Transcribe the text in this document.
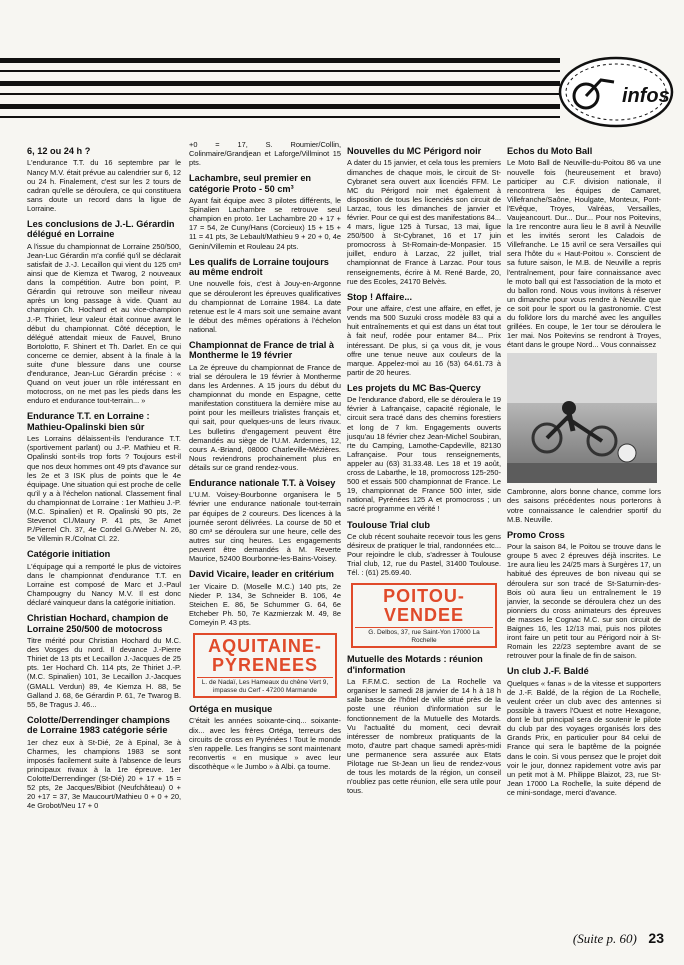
infos
6, 12 ou 24 h ?

L'endurance T.T. du 16 septembre par le Nancy M.V. était prévue au calendrier sur 6, 12 ou 24 h. Finalement, c'est sur les 2 tours de cadran qu'elle se déroulera, ce qui constituera sans doute un record dans la ligue de Lorraine.

Les conclusions de J.-L. Gérardin délégué en Lorraine

A l'issue du championnat de Lorraine 250/500, Jean-Luc Gérardin m'a confié qu'il se déclarait satisfait de J.-J. Lecaillon qui vient du 125 cm³ ainsi que de Kiemza et Twarog, 2 nouveaux dans la compétition. Autre bon point, P. Gérardin qui retrouve son meilleur niveau après un long passage à vide. Quant au champion Ch. Hochard et au vice-champion J.-P. Thiriet, leur valeur était connue avant le début du championnat. Côté déception, le délégué attendait mieux de Fauvel, Bruno Bortolotto, F. Shinert et Th. Darlet. En ce qui concerne ce dernier, absent à la finale à la suite d'une blessure dans une course d'endurance, Jean-Luc Gérardin précise : « Quand on veut jouer un rôle intéressant en motocross, on ne met pas les pieds dans les enduro et endurance tout-terrain... »

Endurance T.T. en Lorraine : Mathieu-Opalinski bien sûr

Les Lorrains délaissent-ils l'endurance T.T. (sportivement parlant) ou J.-P. Mathieu et R. Opalinski sont-ils trop forts ? Toujours est-il que nos deux hommes ont 49 pts d'avance sur les 2e et 3 ISK plus de points que le 4e équipage. Une situation qui est proche de celle qu'il y a à l'échelon national. Classement final du championnat de Lorraine : 1er Mathieu J.-P. (M.C. Spinalien) et R. Opalinski 90 pts, 2e Stevenot Cl./Maury P. 41 pts, 3e Amet P./Pierrel Ch. 37, 4e Cordel G./Weber N. 26, 5e Villemin R./Colnat Cl. 22.

Catégorie initiation

L'équipage qui a remporté le plus de victoires dans le championnat d'endurance T.T. en Lorraine est composé de Marc et J.-Paul Champougny du Nancy M.V. Il est donc déclaré vainqueur dans la catégorie initiation.

Christian Hochard, champion de Lorraine 250/500 de motocross

Titre mérité pour Christian Hochard du M.C. des Vosges du nord. Il devance J.-Pierre Thiriet de 13 pts et Lecaillon J.-Jacques de 25 pts. 1er Hochard Ch. 114 pts, 2e Thiriet J.-P. (M.C. Spinalien) 101, 3e Lecaillon J.-Jacques (GMALL Verdun) 89, 4e Kiemza H. 88, 5e Galland J. 68, 6e Gérardin P. 61, 7e Twarog B. 55, 8e Tragus J. 46...

Colotte/Derrendinger champions de Lorraine 1983 catégorie série

1er chez eux à St-Dié, 2e à Epinal, 3e à Charmes, les champions 1983 se sont imposés facilement suite à l'absence de leurs principaux rivaux à la 1re épreuve. 1er Colotte/Derrendinger (St-Dié) 20 + 17 + 15 = 52 pts, 2e Jacques/Bibiot (Neufchâteau) 0 + 20 +17 = 37, 3e Maucourt/Mathieu 0 + 0 + 20, 4e Grobot/Neu 17 + 0

+0 = 17, S. Roumier/Collin, Colinmaire/Grandjean et Laforge/Villminot 15 pts.

Lachambre, seul premier en catégorie Proto - 50 cm³

Ayant fait équipe avec 3 pilotes différents, le Spinalien Lachambre se retrouve seul champion en proto. 1er Lachambre 20 + 17 + 17 = 54, 2e Cuny/Hans (Corcieux) 15 + 15 + 11 = 41 pts, 3e Lebault/Mathieu 9 + 20 + 0, 4e Genin/Villemin et Rouleau 24 pts.

Les qualifs de Lorraine toujours au même endroit

Une nouvelle fois, c'est à Jouy-en-Argonne que se dérouleront les épreuves qualificatives du championnat de Lorraine 1984. La date retenue est le 4 mars soit une semaine avant le début des mêmes opérations à l'échelon national.

Championnat de France de trial à Montherme le 19 février

La 2e épreuve du championnat de France de trial se déroulera le 19 février à Montherme dans les Ardennes. A 15 jours du début du championnat du monde en Espagne, cette manifestation constituera la dernière mise au point pour les meilleurs trialistes français et, qui sait, pour quelques-uns de leurs rivaux. Les bulletins d'engagement peuvent être demandés au siège de l'U.M. Ardennes, 12, cours A.-Briand, 08000 Charleville-Mézières. Nous reviendrons prochainement plus en détails sur ce grand rendez-vous.

Endurance nationale T.T. à Voisey

L'U.M. Voisey-Bourbonne organisera le 5 février une endurance nationale tout-terrain par équipes de 2 coureurs. Des licences à la journée seront délivrées. La course de 50 et 80 cm³ se déroulera sur une heure, celle des autres sur cinq heures. Les engagements peuvent être demandés à M. Reverte Maurice, 52400 Bourbonne-les-Bains-Voisey.

David Vicaire, leader en critérium

1er Vicaire D. (Moselle M.C.) 140 pts, 2e Nieder P. 134, 3e Schneider B. 106, 4e Steichen E. 86, 5e Schummer G. 64, 6e Etcheber Ph. 50, 7e Kazmierzak M. 49, 8e Corneyin P. 43 pts.

AQUITAINE-PYRENEES
L. de Nadaï, Les Hameaux du chêne Vert 9, impasse du Cerf - 47200 Marmande
Ortéga en musique

C'était les années soixante-cinq... soixante-dix... avec les frères Ortéga, terreurs des circuits de cross en Pyrénées ! Tout le monde s'en rappelle. Les frangins se sont maintenant reconvertis « en musique » avec leur discothèque « le Jumbo » à Albi. ça tourne.

Nouvelles du MC Périgord noir

A dater du 15 janvier, et cela tous les premiers dimanches de chaque mois, le circuit de St-Cybranet sera ouvert aux licenciés FFM. Le MC du Périgord noir met également à disposition de tous les licenciés son circuit de Larzac, tous les dimanches de janvier et février. Pour ce qui est des manifestations 84... 4 mars, ligue 125 à Tursac, 13 mai, ligue 250/500 à St-Cybranet, 16 et 17 juin promocross à St-Romain-de-Monpasier. 15 juillet, enduro à Larzac, 22 juillet, trial championnat de France à Larzac. Pour tous renseignements, écrire à M. René Barde, 20, rue des Ecoles, 24170 Belvès.

Stop ! Affaire...

Pour une affaire, c'est une affaire, en effet, je vends ma 500 Suzuki cross modèle 83 qui a huit entraînements et qui est dans un état tout à fait neuf, rodée pour entamer 84... Prix intéressant. De plus, si ça vous dit, je vous offre une tenue neuve aux couleurs de la marque. Appelez-moi au 16 (53) 64.61.73 à partir de 20 heures.

Les projets du MC Bas-Quercy

De l'endurance d'abord, elle se déroulera le 19 février à Lafrançaise, capacité régionale, le circuit sera tracé dans des chemins forestiers et long de 7 km. Engagements ouverts jusqu'au 18 février chez Jean-Michel Soubiran, rte du Camping, Lamothe-Capdeville, 82130 Lafrançaise. Pour tous renseignements, appeler au (63) 31.33.48. Les 18 et 19 août, cross de Labarthe, le 18, promocross 125-250-500 et essais 500 championnat de France. Le 19, championnat de France 500 inter, side national, Pyrénées 125 A et promocross ; un sacré programme en vérité !

Toulouse Trial club

Ce club récent souhaite recevoir tous les gens désireux de pratiquer le trial, randonnées etc... Pour rejoindre le club, s'adresser à Toulouse Trial club, 12, rue du Pastel, 31400 Toulouse. Tél. : (61) 25.69.40.

POITOU-VENDEE
G. Delbos, 37, rue Saint-Yon 17000 La Rochelle
Mutuelle des Motards : réunion d'information

La F.F.M.C. section de La Rochelle va organiser le samedi 28 janvier de 14 h à 18 h salle basse de l'hôtel de ville situé près de la poste une réunion d'information sur le fonctionnement de la Mutuelle des Motards. Vu l'actualité du moment, ceci devrait intéresser de nombreux pratiquants de la moto, d'autre part chaque samedi après-midi une permanence sera assurée aux Etats Pilotage rue St-Jean un lieu de rendez-vous de tous les motards de la région, un conseil n'oubliez pas cette réunion, elle sera utile pour tous.

Echos du Moto Ball

Le Moto Ball de Neuville-du-Poitou 86 va une nouvelle fois (heureusement et bravo) participer au C.F. division nationale, il rencontrera les équipes de Camaret, Villefranche/Saône, Houlgate, Monteux, Pont-l'Evêque, Troyes, Valréas, Versailles, Vaujeancourt. Dur... Dur... Pour nos Poitevins, la 1re rencontre aura lieu le 8 avril à Neuville et les invités seront les Caladois de Villefranche. Le 15 avril ce sera Versailles qui sera l'hôte du « Haut-Poitou ». Conscient de sa future saison, le M.B. de Neuville a repris l'entraînement, pour faire connaissance avec le moto ball qui est l'association de la moto et du ballon rond. Nous vous invitons à réserver un dimanche pour vous rendre à Neuville que ce soit pour le sport ou la gastronomie. C'est du folklore lors du marché avec les anguilles grillées. En coupe, le 1er tour se déroulera le 1er mai. Nos Poitevins se rendront à Troyes, étant dans le groupe Nord... Vous connaissez

Cambronne, alors bonne chance, comme lors des saisons précédentes nous porterons à votre connaissance le calendrier sportif du M.B. Neuville.

Promo Cross

Pour la saison 84, le Poitou se trouve dans le groupe 5 avec 2 épreuves déjà inscrites. Le 1re aura lieu les 24/25 mars à Surgères 17, un habitué des épreuves de bon niveau qui se déroulera sur son tracé de St-Saturnin-des-Bois où aura lieu un entraînement le 19 janvier, la seconde se déroulera chez un des pionniers du cross animateurs des épreuves de masses le Cognac M.C. sur son circuit de Baignes 16, les 12/13 mai, puis nos pilotes iront faire un petit tour au Périgord noir à St-Romain les 22/23 septembre avant de se retrouver pour la finale de fin de saison.

Un club J.-F. Baldé

Quelques « fanas » de la vitesse et supporters de J.-F. Baldé, de la région de La Rochelle, veulent créer un club avec des antennes si possible à travers l'Ouest et notre Hexagone, dont le but principal sera de soutenir le pilote du club par des voyages organisés lors des Grands Prix, en particulier pour 84 celui de France qui sera le baptême de la poignée dans le coin. Si vous pensez que le projet doit voir le jour, donnez rapidement votre avis par un petit mot à M. Philippe Blaizot, 23, rue St-Jean 17000 La Rochelle, la suite dépend de ce mini-sondage, merci d'avance.

(Suite p. 60) 23
